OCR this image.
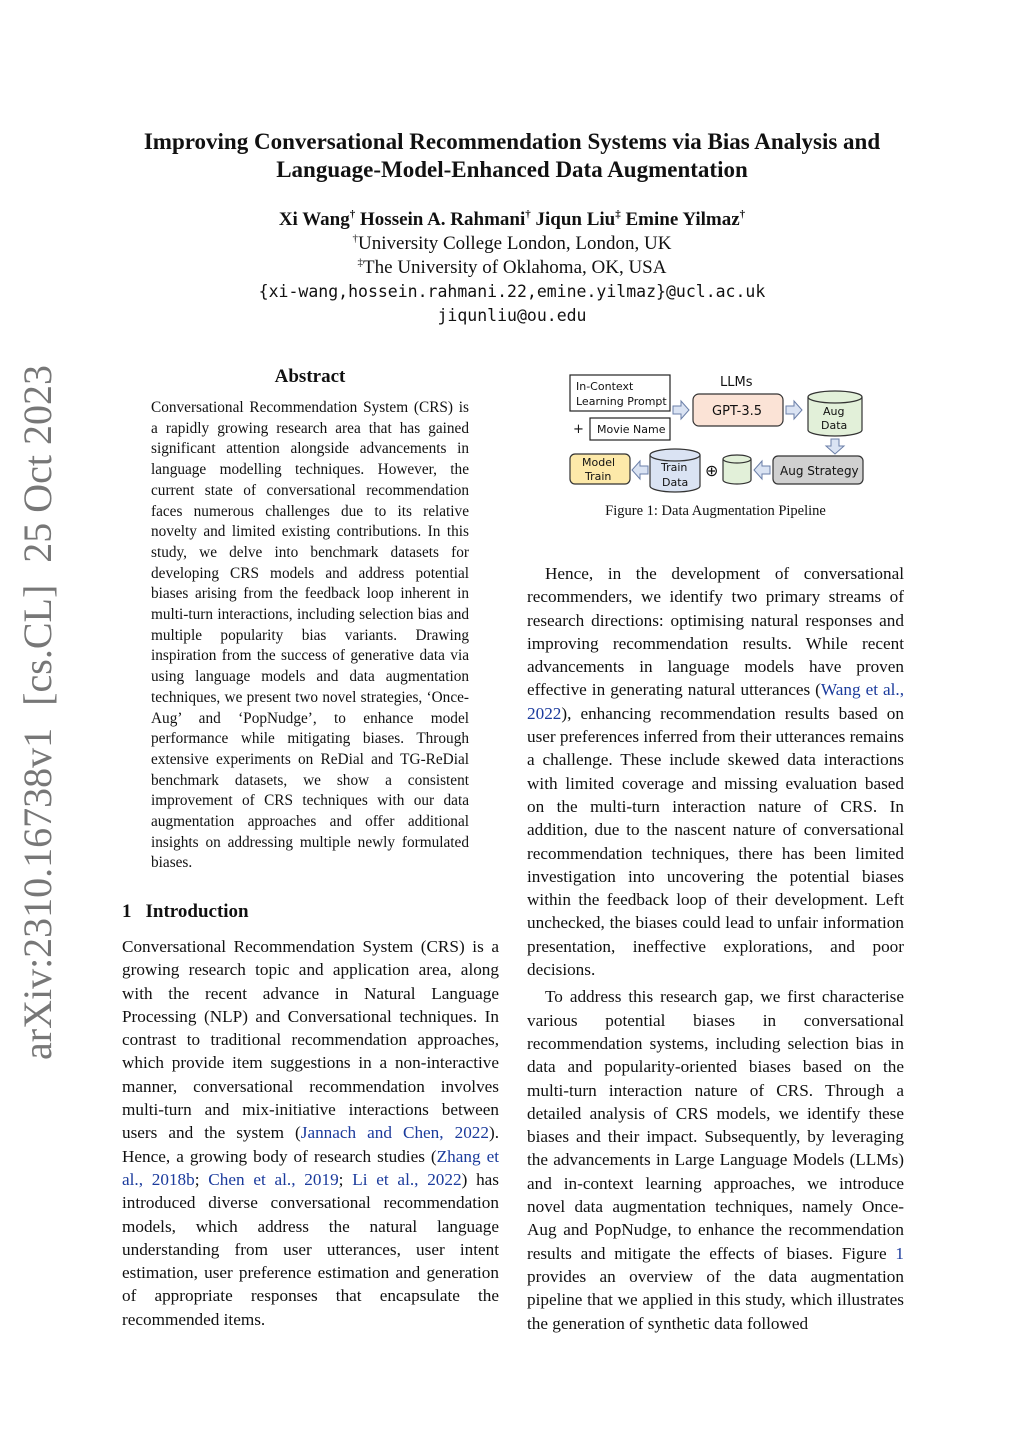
Improving Conversational Recommendation Systems via Bias Analysis and
Language-Model-Enhanced Data Augmentation
Xi Wang† Hossein A. Rahmani† Jiqun Liu‡ Emine Yilmaz†
†University College London, London, UK
‡The University of Oklahoma, OK, USA
{xi-wang,hossein.rahmani.22,emine.yilmaz}@ucl.ac.uk
jiqunliu@ou.edu
arXiv:2310.16738v1[cs.CL]25 Oct 2023	Abstract
Conversational Recommendation System (CRS) is a rapidly growing research area that has gained significant attention alongside advancements in language modelling techniques. However, the current state of conversational recommendation faces numerous challenges due to its relative novelty and limited existing contributions. In this study, we delve into benchmark datasets for developing CRS models and address potential biases arising from the feedback loop inherent in multi-turn interactions, including selection bias and multiple popularity bias variants. Drawing inspiration from the success of generative data via using language models and data augmentation techniques, we present two novel strategies, ‘Once-Aug’ and ‘PopNudge’, to enhance model performance while mitigating biases. Through extensive experiments on ReDial and TG-ReDial benchmark datasets, we show a consistent improvement of CRS techniques with our data augmentation approaches and offer additional insights on addressing multiple newly formulated biases.
1 Introduction

Conversational Recommendation System (CRS) is a growing research topic and application area, along with the recent advance in Natural Language Processing (NLP) and Conversational techniques. In contrast to traditional recommendation approaches, which provide item suggestions in a non-interactive manner, conversational recommendation involves multi-turn and mix-initiative interactions between users and the system (Jannach and Chen, 2022). Hence, a growing body of research studies (Zhang et al., 2018b; Chen et al., 2019; Li et al., 2022) has introduced diverse conversational recommendation models, which address the natural language understanding from user utterances, user intent estimation, user preference estimation and generation of appropriate responses that encapsulate the recommended items.

In-Context
Learning Prompt
+ Movie Name
LLMs
GPT-3.5	Aug
Data
Aug Strategy
⊕
Train
Data
Model
Train
Figure 1: Data Augmentation Pipeline

Hence, in the development of conversational recommenders, we identify two primary streams of research directions: optimising natural responses and improving recommendation results. While recent advancements in language models have proven effective in generating natural utterances (Wang et al., 2022), enhancing recommendation results based on user preferences inferred from their utterances remains a challenge. These include skewed data interactions with limited coverage and missing evaluation based on the multi-turn interaction nature of CRS. In addition, due to the nascent nature of conversational recommendation techniques, there has been limited investigation into uncovering the potential biases within the feedback loop of their development. Left unchecked, the biases could lead to unfair information presentation, ineffective explorations, and poor decisions.

To address this research gap, we first characterise various potential biases in conversational recommendation systems, including selection bias in data and popularity-oriented biases based on the multi-turn interaction nature of CRS. Through a detailed analysis of CRS models, we identify these biases and their impact. Subsequently, by leveraging the advancements in Large Language Models (LLMs) and in-context learning approaches, we introduce novel data augmentation techniques, namely Once-Aug and PopNudge, to enhance the recommendation results and mitigate the effects of biases. Figure 1 provides an overview of the data augmentation pipeline that we applied in this study, which illustrates the generation of synthetic data followed
